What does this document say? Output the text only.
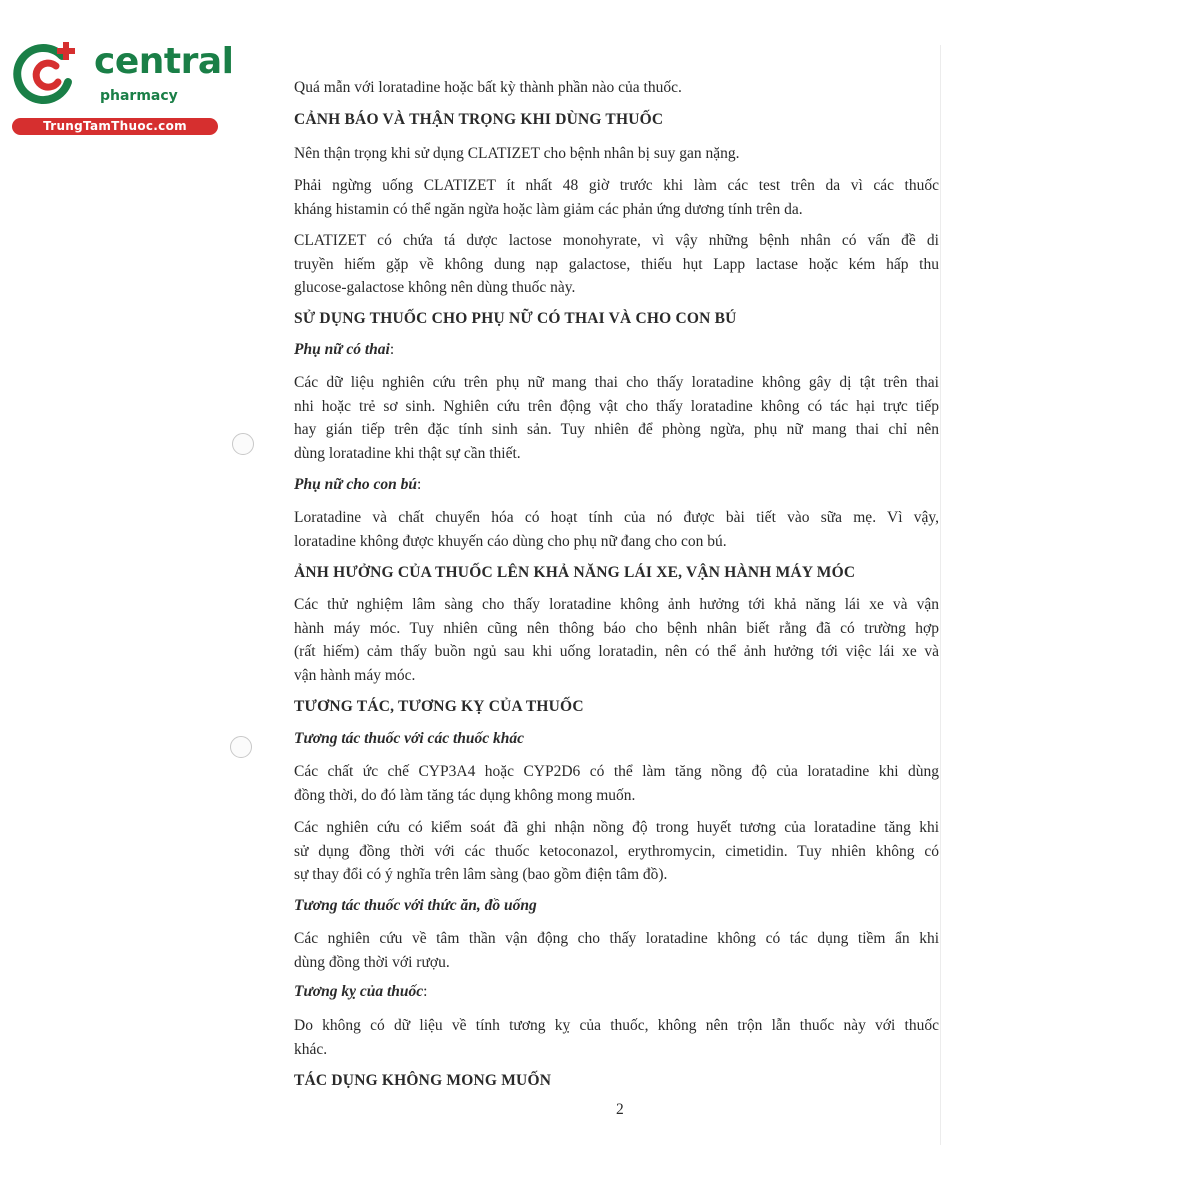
central
pharmacy
TrungTamThuoc.com

Quá mẫn với loratadine hoặc bất kỳ thành phần nào của thuốc.

CẢNH BÁO VÀ THẬN TRỌNG KHI DÙNG THUỐC

Nên thận trọng khi sử dụng CLATIZET cho bệnh nhân bị suy gan nặng.

Phải ngừng uống CLATIZET ít nhất 48 giờ trước khi làm các test trên da vì các thuốc
kháng histamin có thể ngăn ngừa hoặc làm giảm các phản ứng dương tính trên da.
CLATIZET có chứa tá dược lactose monohyrate, vì vậy những bệnh nhân có vấn đề di
truyền hiếm gặp về không dung nạp galactose, thiếu hụt Lapp lactase hoặc kém hấp thu
glucose-galactose không nên dùng thuốc này.
SỬ DỤNG THUỐC CHO PHỤ NỮ CÓ THAI VÀ CHO CON BÚ
Phụ nữ có thai:
Các dữ liệu nghiên cứu trên phụ nữ mang thai cho thấy loratadine không gây dị tật trên thai
nhi hoặc trẻ sơ sinh. Nghiên cứu trên động vật cho thấy loratadine không có tác hại trực tiếp
hay gián tiếp trên đặc tính sinh sản. Tuy nhiên để phòng ngừa, phụ nữ mang thai chỉ nên
dùng loratadine khi thật sự cần thiết.
Phụ nữ cho con bú:
Loratadine và chất chuyển hóa có hoạt tính của nó được bài tiết vào sữa mẹ. Vì vậy,
loratadine không được khuyến cáo dùng cho phụ nữ đang cho con bú.
ẢNH HƯỞNG CỦA THUỐC LÊN KHẢ NĂNG LÁI XE, VẬN HÀNH MÁY MÓC
Các thử nghiệm lâm sàng cho thấy loratadine không ảnh hưởng tới khả năng lái xe và vận
hành máy móc. Tuy nhiên cũng nên thông báo cho bệnh nhân biết rằng đã có trường hợp
(rất hiếm) cảm thấy buồn ngủ sau khi uống loratadin, nên có thể ảnh hưởng tới việc lái xe và
vận hành máy móc.
TƯƠNG TÁC, TƯƠNG KỴ CỦA THUỐC
Tương tác thuốc với các thuốc khác
Các chất ức chế CYP3A4 hoặc CYP2D6 có thể làm tăng nồng độ của loratadine khi dùng
đồng thời, do đó làm tăng tác dụng không mong muốn.
Các nghiên cứu có kiểm soát đã ghi nhận nồng độ trong huyết tương của loratadine tăng khi
sử dụng đồng thời với các thuốc ketoconazol, erythromycin, cimetidin. Tuy nhiên không có
sự thay đổi có ý nghĩa trên lâm sàng (bao gồm điện tâm đồ).
Tương tác thuốc với thức ăn, đồ uống
Các nghiên cứu về tâm thần vận động cho thấy loratadine không có tác dụng tiềm ẩn khi
dùng đồng thời với rượu.
Tương kỵ của thuốc:
Do không có dữ liệu về tính tương kỵ của thuốc, không nên trộn lẫn thuốc này với thuốc
khác.
TÁC DỤNG KHÔNG MONG MUỐN
2
